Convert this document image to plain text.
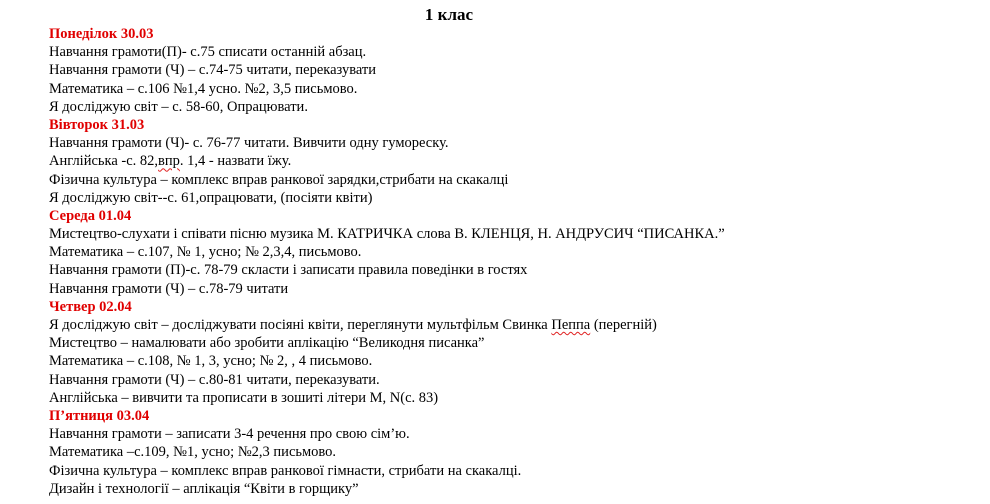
1 клас
Понеділок 30.03
Навчання грамоти(П)- с.75 списати останній абзац.
Навчання грамоти (Ч) – с.74-75 читати, переказувати
Математика – с.106 №1,4 усно. №2, 3,5 письмово.
Я досліджую світ – с. 58-60, Опрацювати.
Вівторок 31.03
Навчання грамоти (Ч)- с. 76-77 читати. Вивчити одну гумореску.
Англійська -с. 82,впр. 1,4 - назвати їжу.
Фізична культура – комплекс вправ ранкової зарядки,стрибати на скакалці
Я досліджую світ--с. 61,опрацювати, (посіяти квіти)
Середа 01.04
Мистецтво-слухати і співати пісню музика М. КАТРИЧКА слова В. КЛЕНЦЯ, Н. АНДРУСИЧ “ПИСАНКА.”
Математика – с.107, № 1, усно; № 2,3,4, письмово.
Навчання грамоти (П)-с. 78-79 скласти і записати правила поведінки в гостях
Навчання грамоти (Ч) – с.78-79 читати
Четвер 02.04
Я досліджую світ – досліджувати посіяні квіти, переглянути мультфільм Свинка Пеппа (перегній)
Мистецтво – намалювати або зробити аплікацію “Великодня писанка”
Математика – с.108, № 1, 3, усно; № 2, , 4 письмово.
Навчання грамоти (Ч) – с.80-81 читати, переказувати.
Англійська – вивчити та прописати в зошиті літери M, N(с. 83)
П’ятниця 03.04
Навчання грамоти – записати 3-4 речення про свою сім’ю.
Математика –с.109, №1, усно; №2,3 письмово.
Фізична культура – комплекс вправ ранкової гімнасти, стрибати на скакалці.
Дизайн і технології – аплікація “Квіти в горщику”
